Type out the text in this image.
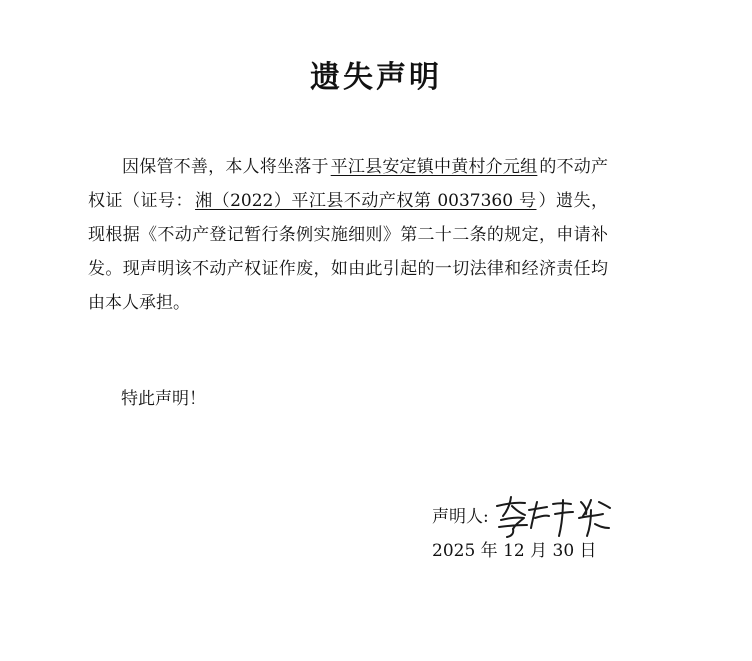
遗失声明

因保管不善，本人将坐落于 平江县安定镇中黄村介元组 的不动产权证（证号： 湘（2022）平江县不动产权第 0037360 号 ）遗失，现根据《不动产登记暂行条例实施细则》第二十二条的规定，申请补发。现声明该不动产权证作废，如由此引起的一切法律和经济责任均由本人承担。

特此声明！
声明人:
2025 年 12 月 30 日
